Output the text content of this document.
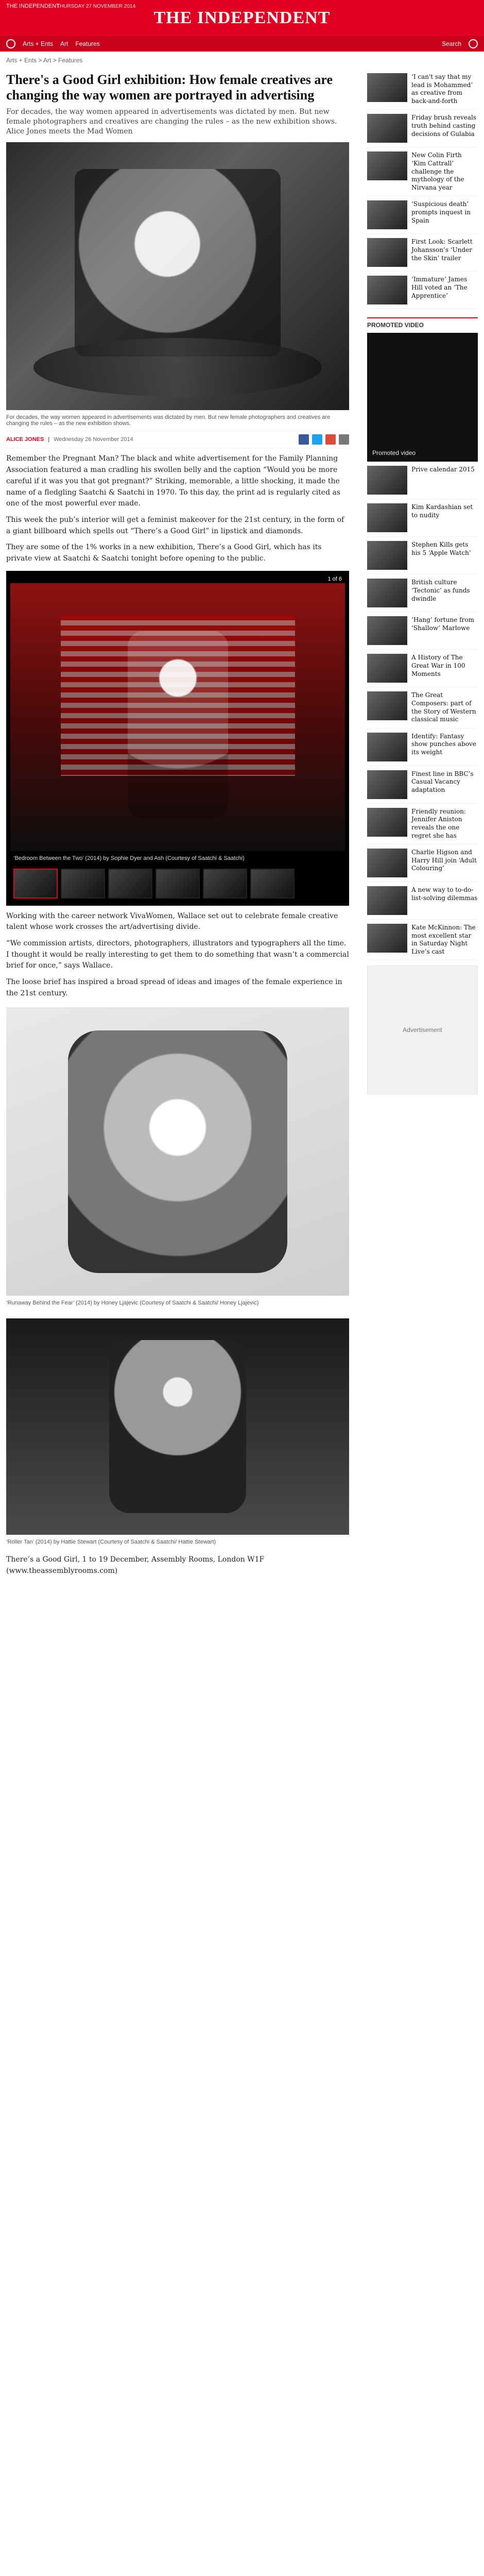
THE INDEPENDENT
THURSDAY 27 NOVEMBER 2014
THE INDEPENDENT
Arts + Ents Art Features	Search
Arts + Ents > Art > Features
There's a Good Girl exhibition: How female creatives are changing the way women are portrayed in advertising
For decades, the way women appeared in advertisements was dictated by men. But new female photographers and creatives are changing the rules – as the new exhibition shows. Alice Jones meets the Mad Women
For decades, the way women appeared in advertisements was dictated by men. But new female photographers and creatives are changing the rules – as the new exhibition shows.
ALICE JONES | Wednesday 26 November 2014

Remember the Pregnant Man? The black and white advertisement for the Family Planning Association featured a man cradling his swollen belly and the caption “Would you be more careful if it was you that got pregnant?” Striking, memorable, a little shocking, it made the name of a fledgling Saatchi & Saatchi in 1970. To this day, the print ad is regularly cited as one of the most powerful ever made.

This week the pub’s interior will get a feminist makeover for the 21st century, in the form of a giant billboard which spells out “There’s a Good Girl” in lipstick and diamonds.

They are some of the 1% works in a new exhibition, There’s a Good Girl, which has its private view at Saatchi & Saatchi tonight before opening to the public.

1 of 6
‘Bedroom Between the Two’ (2014) by Sophie Dyer and Ash (Courtesy of Saatchi & Saatchi)

Working with the career network VivaWomen, Wallace set out to celebrate female creative talent whose work crosses the art/advertising divide.

“We commission artists, directors, photographers, illustrators and typographers all the time. I thought it would be really interesting to get them to do something that wasn’t a commercial brief for once,” says Wallace.

The loose brief has inspired a broad spread of ideas and images of the female experience in the 21st century.

‘Runaway Behind the Fear’ (2014) by Honey Ljajevic (Courtesy of Saatchi & Saatchi/ Honey Ljajevic)
‘Roller Tan’ (2014) by Hattie Stewart (Courtesy of Saatchi & Saatchi/ Hattie Stewart)

There’s a Good Girl, 1 to 19 December, Assembly Rooms, London W1F (www.theassemblyrooms.com)

‘I can't say that my lead is Mohammed’ as creative from back-and-forth
Friday brush reveals truth behind casting decisions of Gulabia
New Colin Firth ‘Kim Cattrall’ challenge the mythology of the Nirvana year
‘Suspicious death’ prompts inquest in Spain
First Look: Scarlett Johansson’s ‘Under the Skin’ trailer
‘Immature’ James Hill voted an ‘The Apprentice’
PROMOTED VIDEO
Promoted video
Prive calendar 2015
Kim Kardashian set to nudity
Stephen Kills gets his 5 ‘Apple Watch’
British culture ‘Tectonic’ as funds dwindle
‘Hang’ fortune from ‘Shallow’ Marlowe
A History of The Great War in 100 Moments
The Great Composers: part of the Story of Western classical music
Identify: Fantasy show punches above its weight
Finest line in BBC’s Casual Vacancy adaptation
Friendly reunion: Jennifer Aniston reveals the one regret she has
Charlie Higson and Harry Hill join ‘Adult Colouring’
A new way to to-do-list-solving dilemmas
Kate McKinnon: The most excellent star in Saturday Night Live’s cast
Advertisement
